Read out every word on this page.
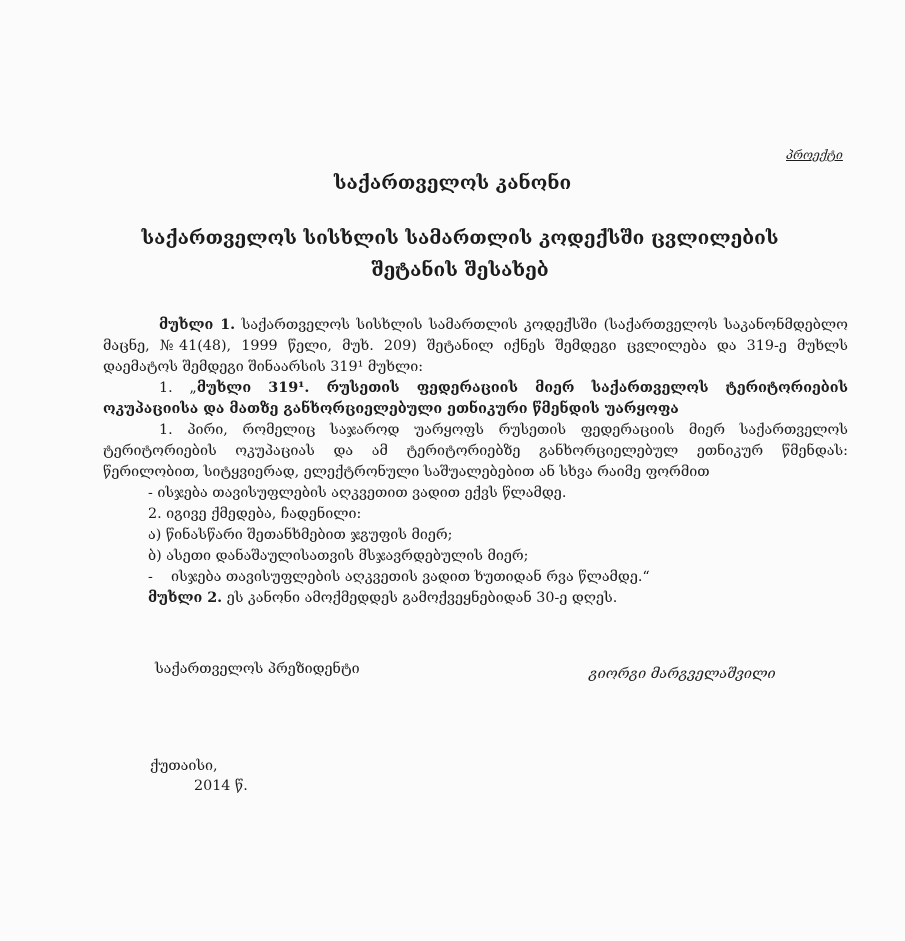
პროექტი
საქართველოს კანონი
საქართველოს სისხლის სამართლის კოდექსში ცვლილების შეტანის შესახებ

მუხლი 1. საქართველოს სისხლის სამართლის კოდექსში (საქართველოს საკანონმდებლო მაცნე, №41(48), 1999 წელი, მუხ. 209) შეტანილ იქნეს შემდეგი ცვლილება და 319-ე მუხლს დაემატოს შემდეგი შინაარსის 319¹ მუხლი:

1. „მუხლი 319¹. რუსეთის ფედერაციის მიერ საქართველოს ტერიტორიების ოკუპაციისა და მათზე განხორციელებული ეთნიკური წმენდის უარყოფა

1. პირი, რომელიც საჯაროდ უარყოფს რუსეთის ფედერაციის მიერ საქართველოს ტერიტორიების ოკუპაციას და ამ ტერიტორიებზე განხორციელებულ ეთნიკურ წმენდას: წერილობით, სიტყვიერად, ელექტრონული საშუალებებით ან სხვა რაიმე ფორმით

- ისჯება თავისუფლების აღკვეთით ვადით ექვს წლამდე.

2. იგივე ქმედება, ჩადენილი:

ა) წინასწარი შეთანხმებით ჯგუფის მიერ;

ბ) ასეთი დანაშაულისათვის მსჯავრდებულის მიერ;

-    ისჯება თავისუფლების აღკვეთის ვადით ხუთიდან რვა წლამდე.“

მუხლი 2. ეს კანონი ამოქმედდეს გამოქვეყნებიდან 30-ე დღეს.

საქართველოს პრეზიდენტი	გიორგი მარგველაშვილი
ქუთაისი,
2014 წ.
